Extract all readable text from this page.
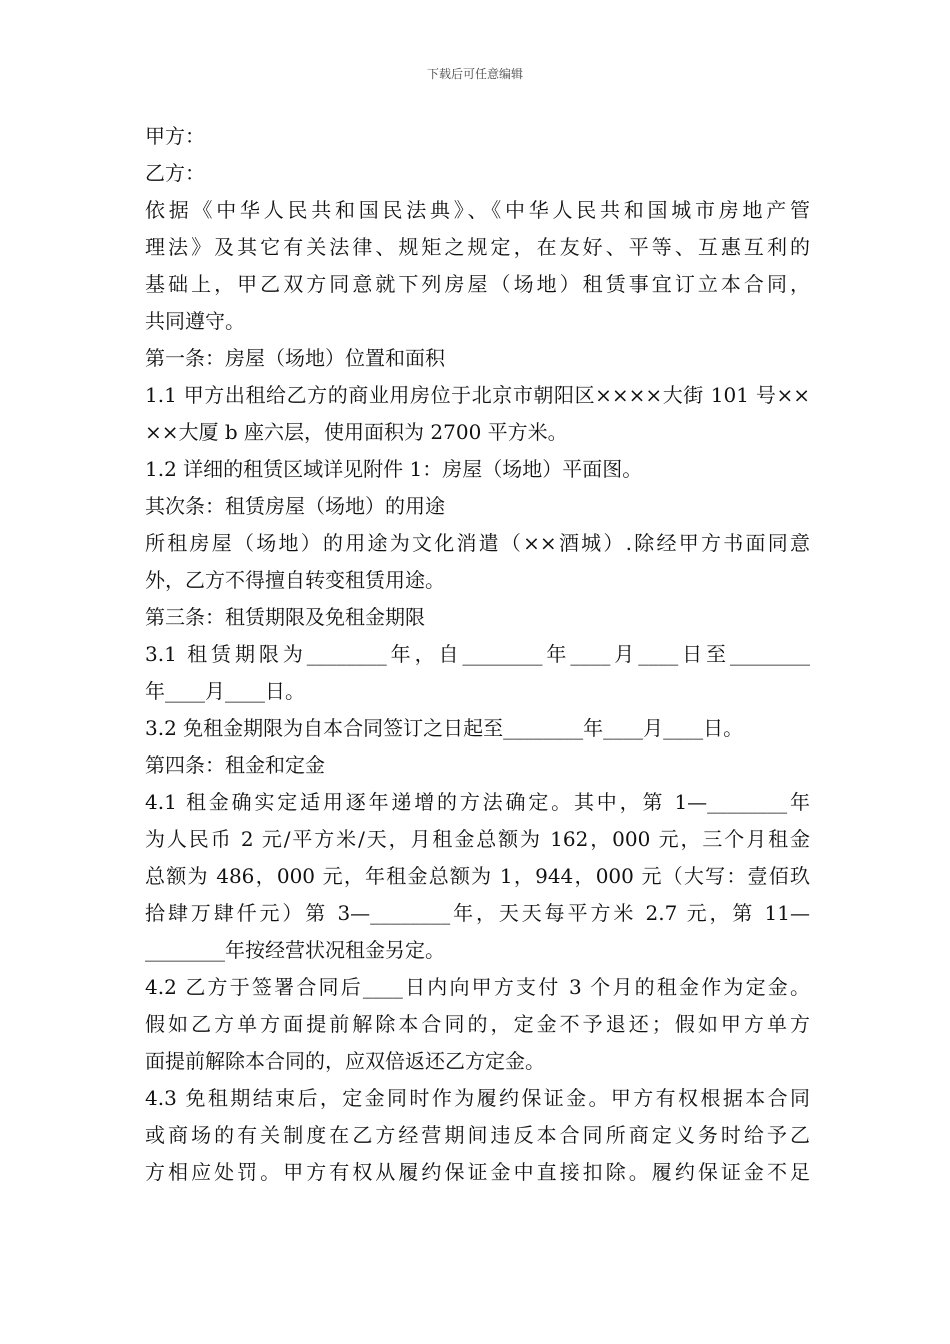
下载后可任意编辑
甲方：
乙方：
依据《中华人民共和国民法典》、《中华人民共和国城市房地产管
理法》及其它有关法律、规矩之规定，在友好、平等、互惠互利的
基础上，甲乙双方同意就下列房屋（场地）租赁事宜订立本合同，
共同遵守。
第一条：房屋（场地）位置和面积
1.1 甲方出租给乙方的商业用房位于北京市朝阳区××××大街 101 号××
××大厦 b 座六层，使用面积为 2700 平方米。
1.2 详细的租赁区域详见附件 1：房屋（场地）平面图。
其次条：租赁房屋（场地）的用途
所租房屋（场地）的用途为文化消遣（××酒城）.除经甲方书面同意
外，乙方不得擅自转变租赁用途。
第三条：租赁期限及免租金期限
3.1 租赁期限为________年，自________年____月____日至________
年____月____日。
3.2 免租金期限为自本合同签订之日起至________年____月____日。
第四条：租金和定金
4.1 租金确实定适用逐年递增的方法确定。其中，第 1—________年
为人民币 2 元/平方米/天，月租金总额为 162，000 元，三个月租金
总额为 486，000 元，年租金总额为 1，944，000 元（大写：壹佰玖
拾肆万肆仟元）第 3—________年，天天每平方米 2.7 元，第 11—
________年按经营状况租金另定。
4.2 乙方于签署合同后____日内向甲方支付 3 个月的租金作为定金。
假如乙方单方面提前解除本合同的，定金不予退还；假如甲方单方
面提前解除本合同的，应双倍返还乙方定金。
4.3 免租期结束后，定金同时作为履约保证金。甲方有权根据本合同
或商场的有关制度在乙方经营期间违反本合同所商定义务时给予乙
方相应处罚。甲方有权从履约保证金中直接扣除。履约保证金不足
